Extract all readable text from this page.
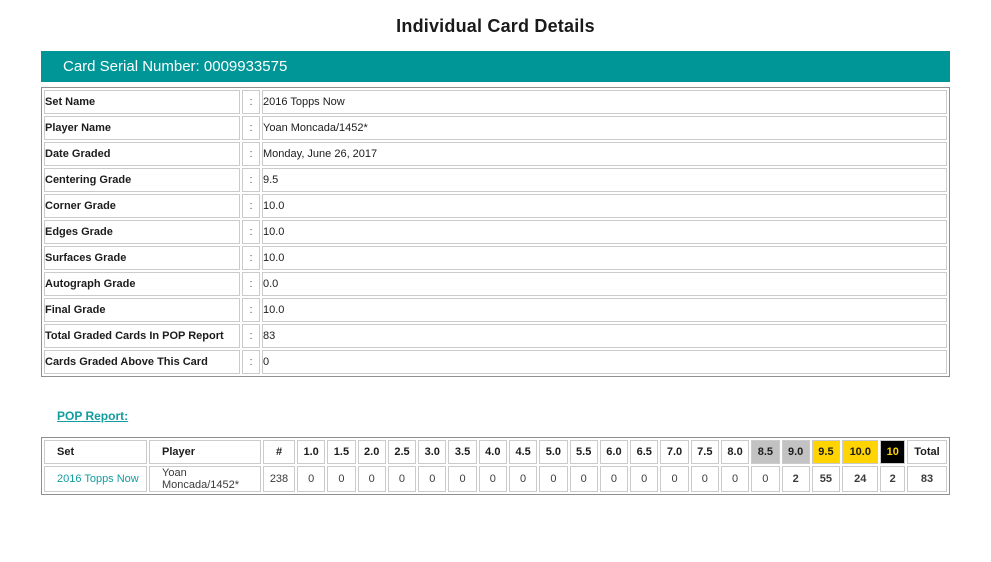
Individual Card Details
Card Serial Number: 0009933575
Set Name	:	2016 Topps Now
Player Name	:	Yoan Moncada/1452*
Date Graded	:	Monday, June 26, 2017
Centering Grade	:	9.5
Corner Grade	:	10.0
Edges Grade	:	10.0
Surfaces Grade	:	10.0
Autograph Grade	:	0.0
Final Grade	:	10.0
Total Graded Cards In POP Report	:	83
Cards Graded Above This Card	:	0
POP Report:
Set	Player	#	1.0	1.5	2.0	2.5	3.0	3.5	4.0	4.5	5.0	5.5	6.0	6.5	7.0	7.5	8.0	8.5	9.0	9.5	10.0	10	Total
2016 Topps Now	Yoan Moncada/1452*	238	0	0	0	0	0	0	0	0	0	0	0	0	0	0	0	0	2	55	24	2	83
